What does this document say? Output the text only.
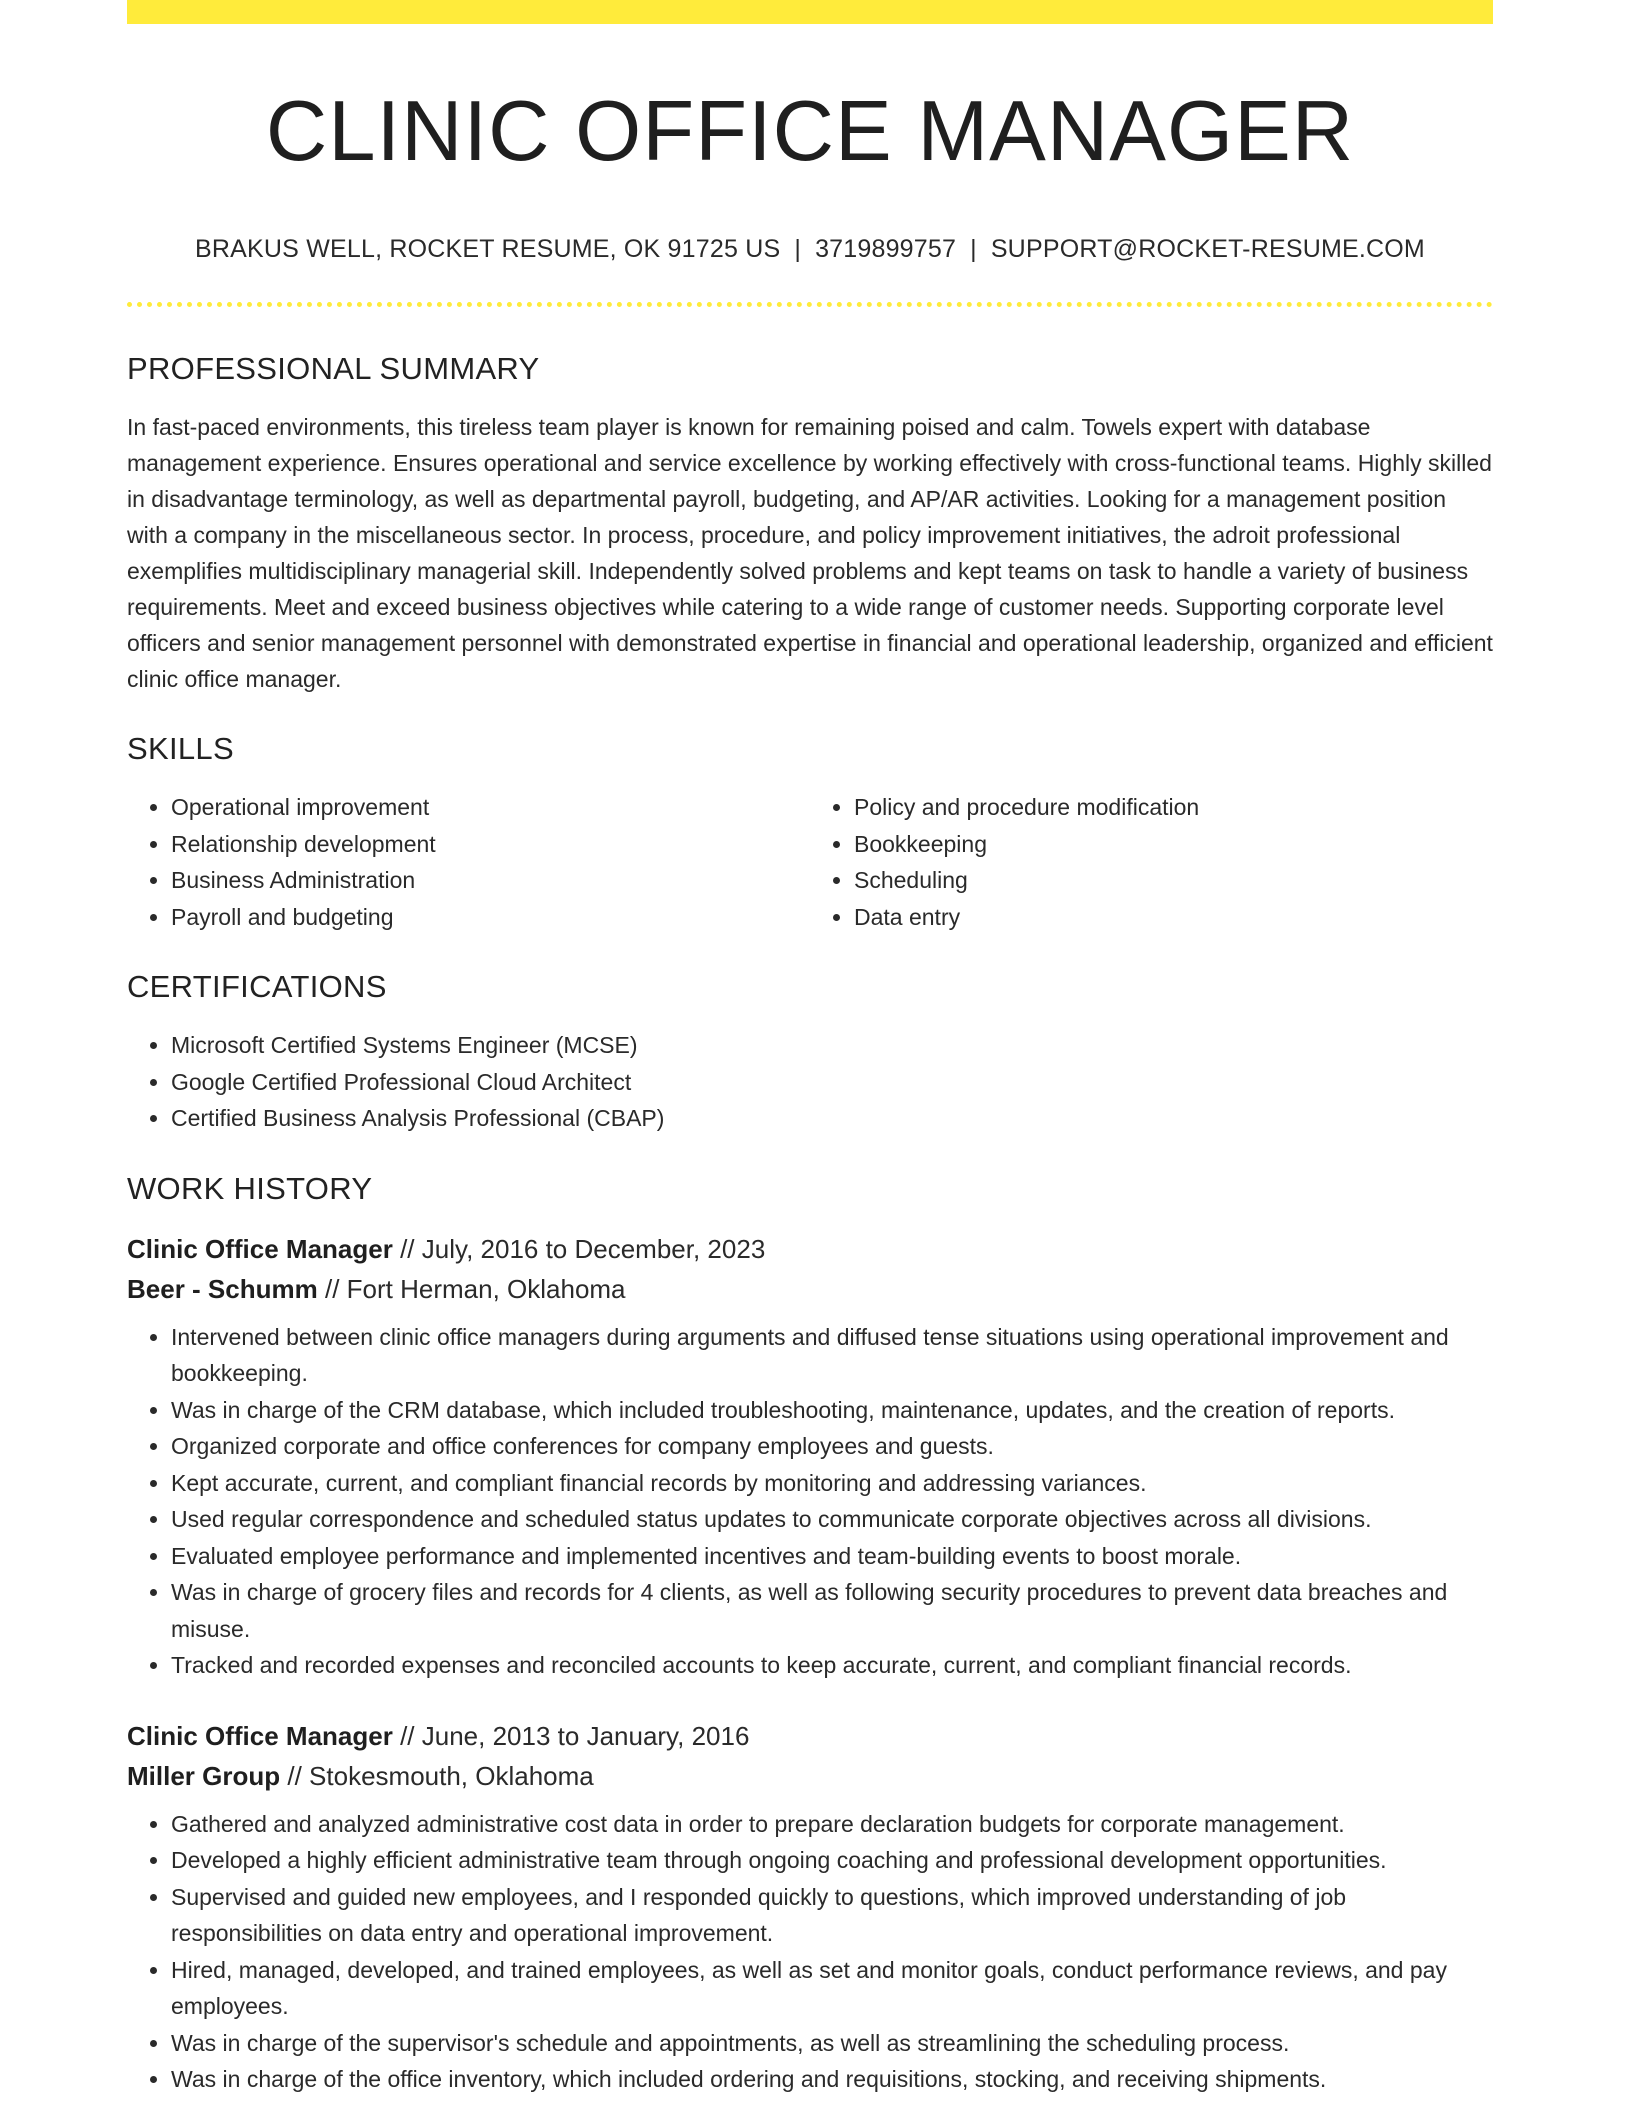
CLINIC OFFICE MANAGER
BRAKUS WELL, ROCKET RESUME, OK 91725 US | 3719899757 | SUPPORT@ROCKET-RESUME.COM
PROFESSIONAL SUMMARY

In fast-paced environments, this tireless team player is known for remaining poised and calm. Towels expert with database management experience. Ensures operational and service excellence by working effectively with cross-functional teams. Highly skilled in disadvantage terminology, as well as departmental payroll, budgeting, and AP/AR activities. Looking for a management position with a company in the miscellaneous sector. In process, procedure, and policy improvement initiatives, the adroit professional exemplifies multidisciplinary managerial skill. Independently solved problems and kept teams on task to handle a variety of business requirements. Meet and exceed business objectives while catering to a wide range of customer needs. Supporting corporate level officers and senior management personnel with demonstrated expertise in financial and operational leadership, organized and efficient clinic office manager.

SKILLS
• Operational improvement
• Relationship development
• Business Administration
• Payroll and budgeting
• Policy and procedure modification
• Bookkeeping
• Scheduling
• Data entry
CERTIFICATIONS
• Microsoft Certified Systems Engineer (MCSE)
• Google Certified Professional Cloud Architect
• Certified Business Analysis Professional (CBAP)
WORK HISTORY
Clinic Office Manager // July, 2016 to December, 2023
Beer - Schumm // Fort Herman, Oklahoma
• Intervened between clinic office managers during arguments and diffused tense situations using operational improvement and bookkeeping.
• Was in charge of the CRM database, which included troubleshooting, maintenance, updates, and the creation of reports.
• Organized corporate and office conferences for company employees and guests.
• Kept accurate, current, and compliant financial records by monitoring and addressing variances.
• Used regular correspondence and scheduled status updates to communicate corporate objectives across all divisions.
• Evaluated employee performance and implemented incentives and team-building events to boost morale.
• Was in charge of grocery files and records for 4 clients, as well as following security procedures to prevent data breaches and misuse.
• Tracked and recorded expenses and reconciled accounts to keep accurate, current, and compliant financial records.
Clinic Office Manager // June, 2013 to January, 2016
Miller Group // Stokesmouth, Oklahoma
• Gathered and analyzed administrative cost data in order to prepare declaration budgets for corporate management.
• Developed a highly efficient administrative team through ongoing coaching and professional development opportunities.
• Supervised and guided new employees, and I responded quickly to questions, which improved understanding of job responsibilities on data entry and operational improvement.
• Hired, managed, developed, and trained employees, as well as set and monitor goals, conduct performance reviews, and pay employees.
• Was in charge of the supervisor's schedule and appointments, as well as streamlining the scheduling process.
• Was in charge of the office inventory, which included ordering and requisitions, stocking, and receiving shipments.
